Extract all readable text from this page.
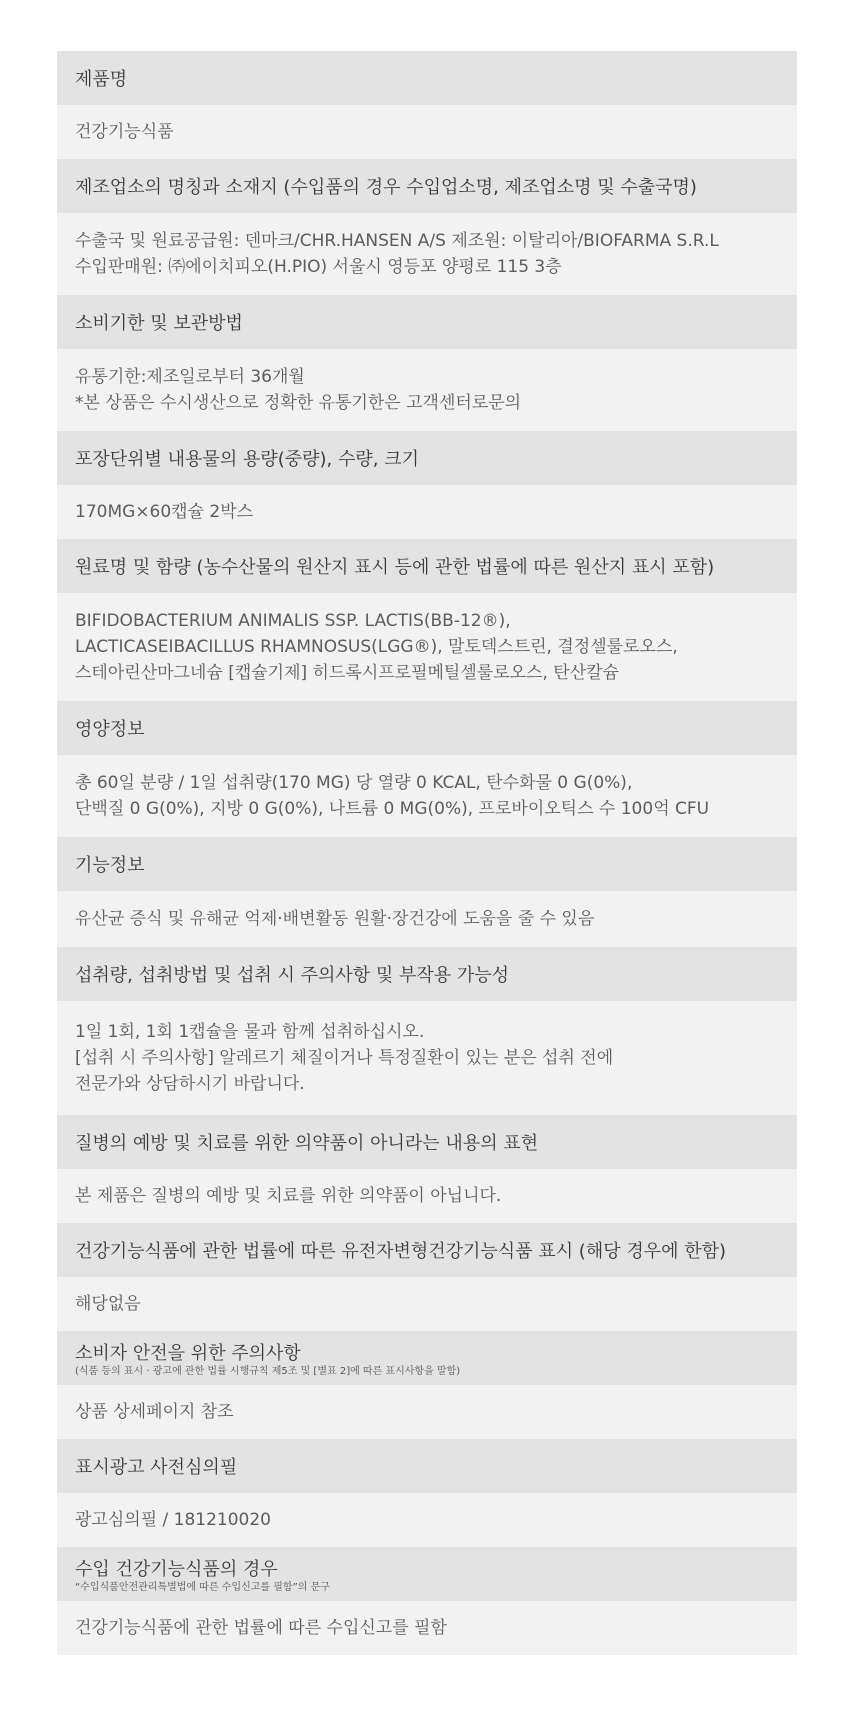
제품명
건강기능식품
제조업소의 명칭과 소재지 (수입품의 경우 수입업소명, 제조업소명 및 수출국명)
수출국 및 원료공급원: 덴마크/CHR.HANSEN A/S 제조원: 이탈리아/BIOFARMA S.R.L
수입판매원: ㈜에이치피오(H.PIO) 서울시 영등포 양평로 115 3층
소비기한 및 보관방법
유통기한:제조일로부터 36개월
*본 상품은 수시생산으로 정확한 유통기한은 고객센터로문의
포장단위별 내용물의 용량(중량), 수량, 크기
170MG×60캡슐 2박스
원료명 및 함량 (농수산물의 원산지 표시 등에 관한 법률에 따른 원산지 표시 포함)
BIFIDOBACTERIUM ANIMALIS SSP. LACTIS(BB-12®),
LACTICASEIBACILLUS RHAMNOSUS(LGG®), 말토덱스트린, 결정셀룰로오스,
스테아린산마그네슘 [캡슐기제] 히드록시프로필메틸셀룰로오스, 탄산칼슘
영양정보
총 60일 분량 / 1일 섭취량(170 MG) 당 열량 0 KCAL, 탄수화물 0 G(0%),
단백질 0 G(0%), 지방 0 G(0%), 나트륨 0 MG(0%), 프로바이오틱스 수 100억 CFU
기능정보
유산균 증식 및 유해균 억제·배변활동 원활·장건강에 도움을 줄 수 있음
섭취량, 섭취방법 및 섭취 시 주의사항 및 부작용 가능성
1일 1회, 1회 1캡슐을 물과 함께 섭취하십시오.
[섭취 시 주의사항] 알레르기 체질이거나 특정질환이 있는 분은 섭취 전에
전문가와 상담하시기 바랍니다.
질병의 예방 및 치료를 위한 의약품이 아니라는 내용의 표현
본 제품은 질병의 예방 및 치료를 위한 의약품이 아닙니다.
건강기능식품에 관한 법률에 따른 유전자변형건강기능식품 표시 (해당 경우에 한함)
해당없음
소비자 안전을 위한 주의사항
(식품 등의 표시 · 광고에 관한 법률 시행규칙 제5조 및 [별표 2]에 따른 표시사항을 말함)
상품 상세페이지 참조
표시광고 사전심의필
광고심의필 / 181210020
수입 건강기능식품의 경우
“수입식품안전관리특별법에 따른 수입신고를 필함”의 문구
건강기능식품에 관한 법률에 따른 수입신고를 필함
